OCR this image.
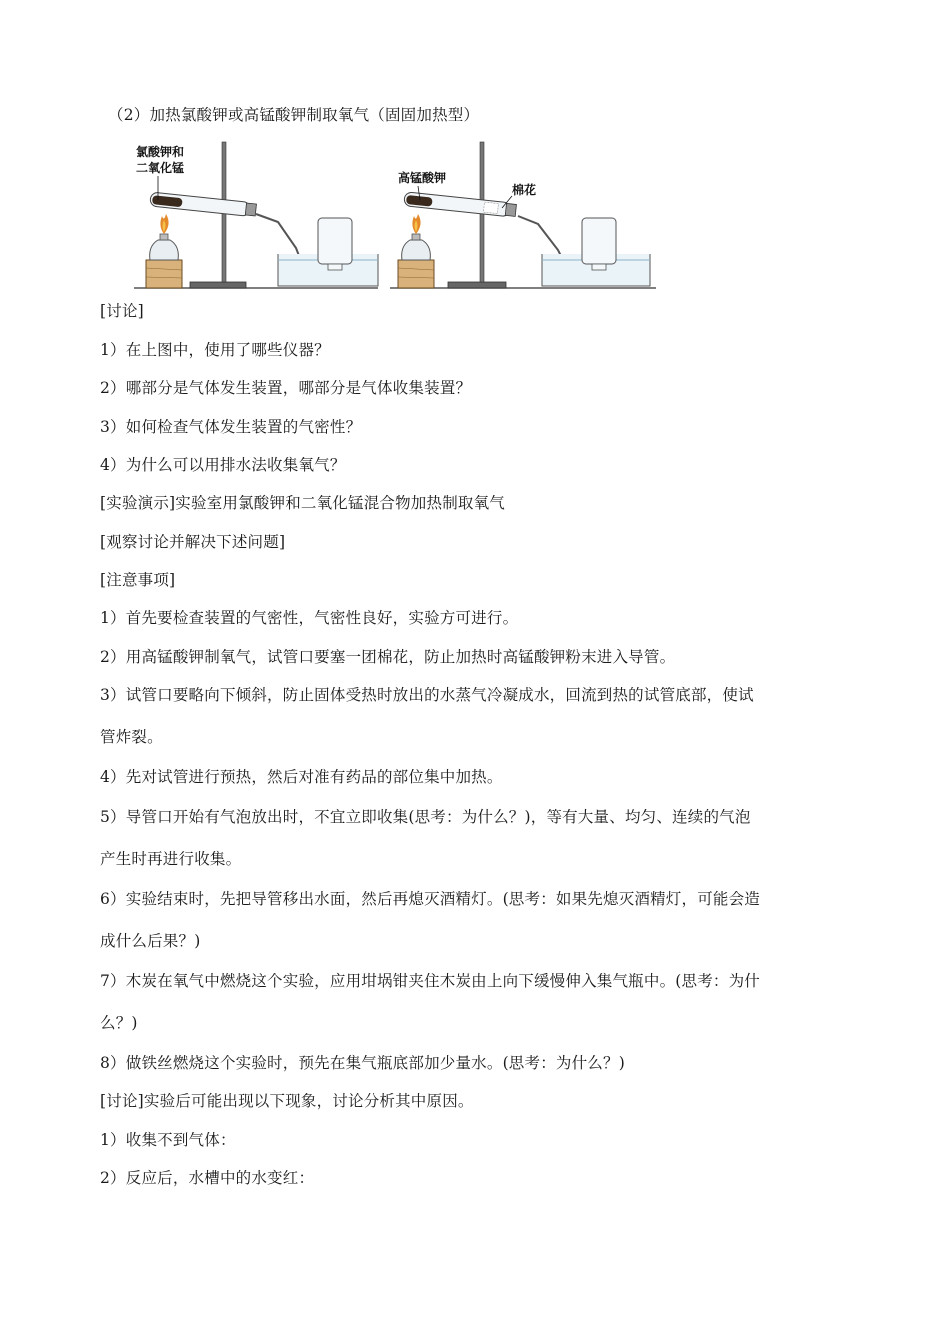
（2）加热氯酸钾或高锰酸钾制取氧气（固固加热型）
氯酸钾和
二氧化锰
高锰酸钾
棉花
[讨论]
1）在上图中，使用了哪些仪器？
2）哪部分是气体发生装置，哪部分是气体收集装置？
3）如何检查气体发生装置的气密性？
4）为什么可以用排水法收集氧气？
[实验演示]实验室用氯酸钾和二氧化锰混合物加热制取氧气
[观察讨论并解决下述问题]
[注意事项]
1）首先要检查装置的气密性，气密性良好，实验方可进行。
2）用高锰酸钾制氧气，试管口要塞一团棉花，防止加热时高锰酸钾粉末进入导管。
3）试管口要略向下倾斜，防止固体受热时放出的水蒸气冷凝成水，回流到热的试管底部，使试
管炸裂。
4）先对试管进行预热，然后对准有药品的部位集中加热。
5）导管口开始有气泡放出时，不宜立即收集(思考：为什么？)，等有大量、均匀、连续的气泡
产生时再进行收集。
6）实验结束时，先把导管移出水面，然后再熄灭酒精灯。(思考：如果先熄灭酒精灯，可能会造
成什么后果？)
7）木炭在氧气中燃烧这个实验，应用坩埚钳夹住木炭由上向下缓慢伸入集气瓶中。(思考：为什
么？)
8）做铁丝燃烧这个实验时，预先在集气瓶底部加少量水。(思考：为什么？)
[讨论]实验后可能出现以下现象，讨论分析其中原因。
1）收集不到气体：
2）反应后，水槽中的水变红：
